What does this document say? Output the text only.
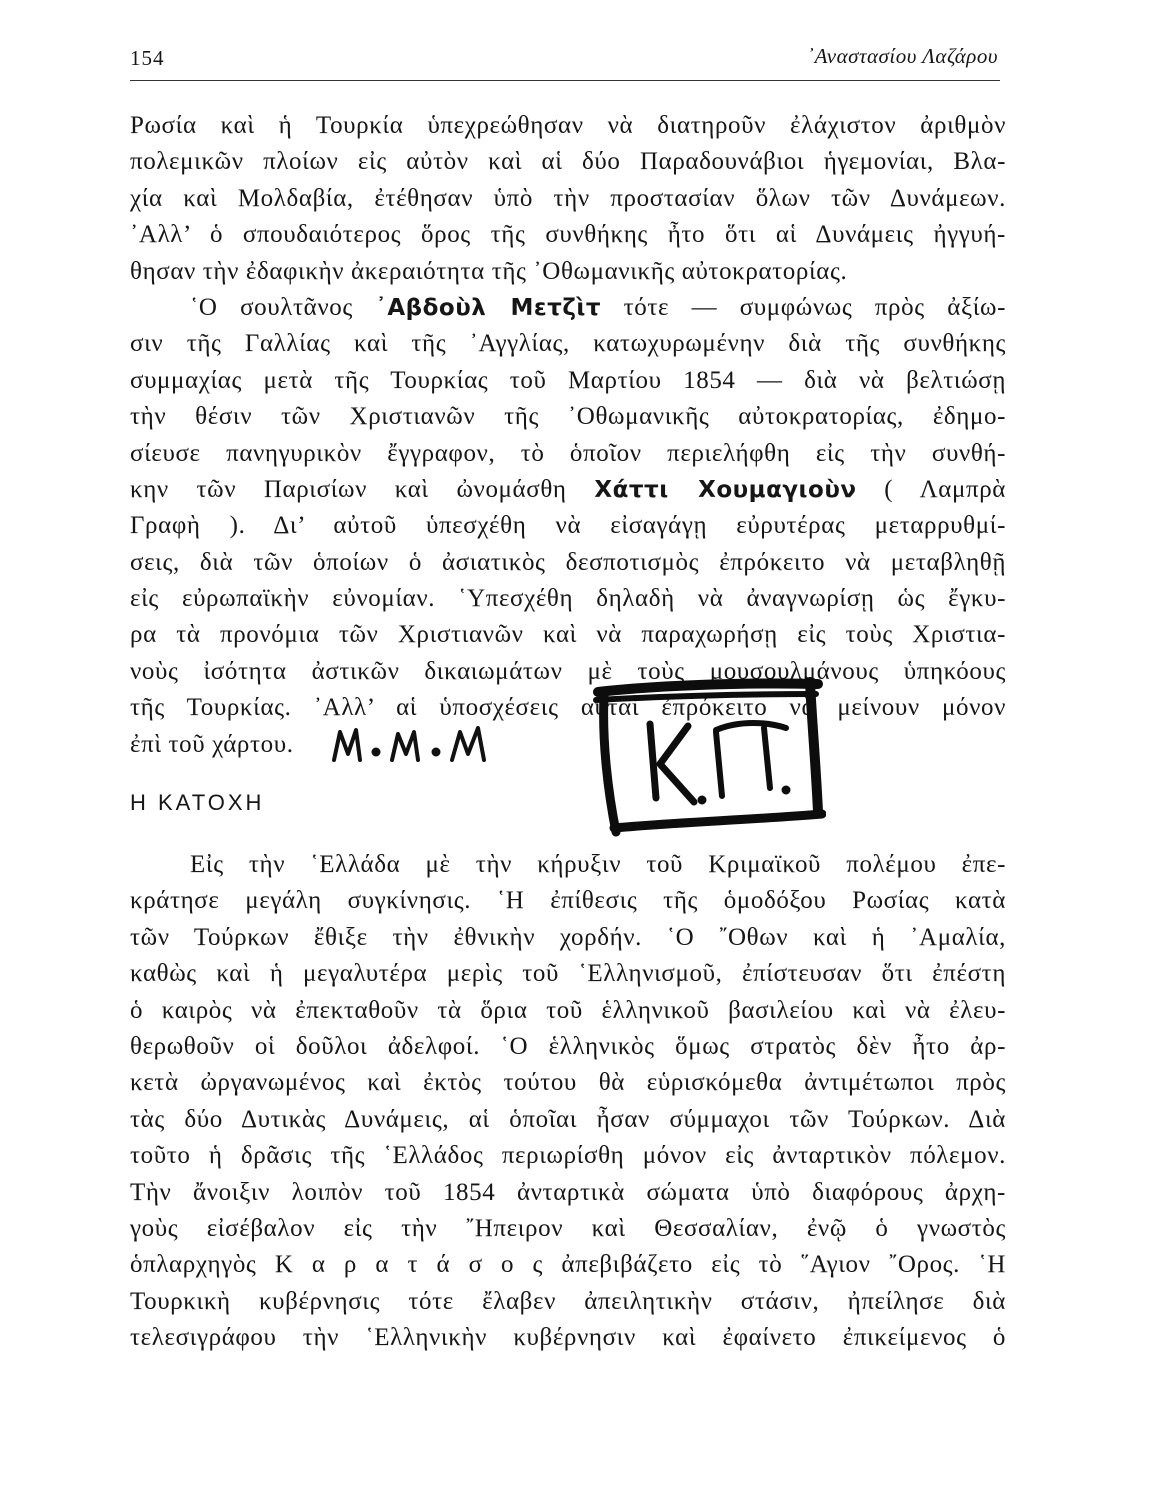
154	᾿Αναστασίου Λαζάρου
Ρωσία καὶ ἡ Τουρκία ὑπεχρεώθησαν νὰ διατηροῦν ἐλάχιστον ἀριθμὸν
πολεμικῶν πλοίων εἰς αὐτὸν καὶ αἱ δύο Παραδουνάβιοι ἡγεμονίαι, Βλα-
χία καὶ Μολδαβία, ἐτέθησαν ὑπὸ τὴν προστασίαν ὅλων τῶν Δυνάμεων.
᾿Αλλ’ ὁ σπουδαιότερος ὅρος τῆς συνθήκης ἦτο ὅτι αἱ Δυνάμεις ἠγγυή-
θησαν τὴν ἐδαφικὴν ἀκεραιότητα τῆς ᾿Οθωμανικῆς αὐτοκρατορίας.
῾Ο σουλτᾶνος ᾿Αβδοὺλ Μετζὶτ τότε — συμφώνως πρὸς ἀξίω-
σιν τῆς Γαλλίας καὶ τῆς ᾿Αγγλίας, κατωχυρωμένην διὰ τῆς συνθήκης
συμμαχίας μετὰ τῆς Τουρκίας τοῦ Μαρτίου 1854 — διὰ νὰ βελτιώσῃ
τὴν θέσιν τῶν Χριστιανῶν τῆς ᾿Οθωμανικῆς αὐτοκρατορίας, ἐδημο-
σίευσε πανηγυρικὸν ἔγγραφον, τὸ ὁποῖον περιελήφθη εἰς τὴν συνθή-
κην τῶν Παρισίων καὶ ὠνομάσθη Χάττι Χουμαγιοὺν ( Λαμπρὰ
Γραφὴ ). Δι’ αὐτοῦ ὑπεσχέθη νὰ εἰσαγάγῃ εὐρυτέρας μεταρρυθμί-
σεις, διὰ τῶν ὁποίων ὁ ἀσιατικὸς δεσποτισμὸς ἐπρόκειτο νὰ μεταβληθῇ
εἰς εὐρωπαϊκὴν εὐνομίαν. ῾Υπεσχέθη δηλαδὴ νὰ ἀναγνωρίσῃ ὡς ἔγκυ-
ρα τὰ προνόμια τῶν Χριστιανῶν καὶ νὰ παραχωρήσῃ εἰς τοὺς Χριστια-
νοὺς ἰσότητα ἀστικῶν δικαιωμάτων μὲ τοὺς μουσουλμάνους ὑπηκόους
τῆς Τουρκίας. ᾿Αλλ’ αἱ ὑποσχέσεις αὐταὶ ἐπρόκειτο νὰ μείνουν μόνον
ἐπὶ τοῦ χάρτου.
Η ΚΑΤΟΧΗ
Εἰς τὴν ῾Ελλάδα μὲ τὴν κήρυξιν τοῦ Κριμαϊκοῦ πολέμου ἐπε-
κράτησε μεγάλη συγκίνησις. ῾Η ἐπίθεσις τῆς ὁμοδόξου Ρωσίας κατὰ
τῶν Τούρκων ἔθιξε τὴν ἐθνικὴν χορδήν. ῾Ο ῎Οθων καὶ ἡ ᾿Αμαλία,
καθὼς καὶ ἡ μεγαλυτέρα μερὶς τοῦ ῾Ελληνισμοῦ, ἐπίστευσαν ὅτι ἐπέστη
ὁ καιρὸς νὰ ἐπεκταθοῦν τὰ ὅρια τοῦ ἑλληνικοῦ βασιλείου καὶ νὰ ἐλευ-
θερωθοῦν οἱ δοῦλοι ἀδελφοί. ῾Ο ἑλληνικὸς ὅμως στρατὸς δὲν ἦτο ἀρ-
κετὰ ὠργανωμένος καὶ ἐκτὸς τούτου θὰ εὑρισκόμεθα ἀντιμέτωποι πρὸς
τὰς δύο Δυτικὰς Δυνάμεις, αἱ ὁποῖαι ἦσαν σύμμαχοι τῶν Τούρκων. Διὰ
τοῦτο ἡ δρᾶσις τῆς ῾Ελλάδος περιωρίσθη μόνον εἰς ἀνταρτικὸν πόλεμον.
Τὴν ἄνοιξιν λοιπὸν τοῦ 1854 ἀνταρτικὰ σώματα ὑπὸ διαφόρους ἀρχη-
γοὺς εἰσέβαλον εἰς τὴν ῎Ηπειρον καὶ Θεσσαλίαν, ἐνῷ ὁ γνωστὸς
ὁπλαρχηγὸς Κ α ρ α τ ά σ ο ς ἀπεβιβάζετο εἰς τὸ ῞Αγιον ῎Ορος. ῾Η
Τουρκικὴ κυβέρνησις τότε ἔλαβεν ἀπειλητικὴν στάσιν, ἠπείλησε διὰ
τελεσιγράφου τὴν ῾Ελληνικὴν κυβέρνησιν καὶ ἐφαίνετο ἐπικείμενος ὁ
